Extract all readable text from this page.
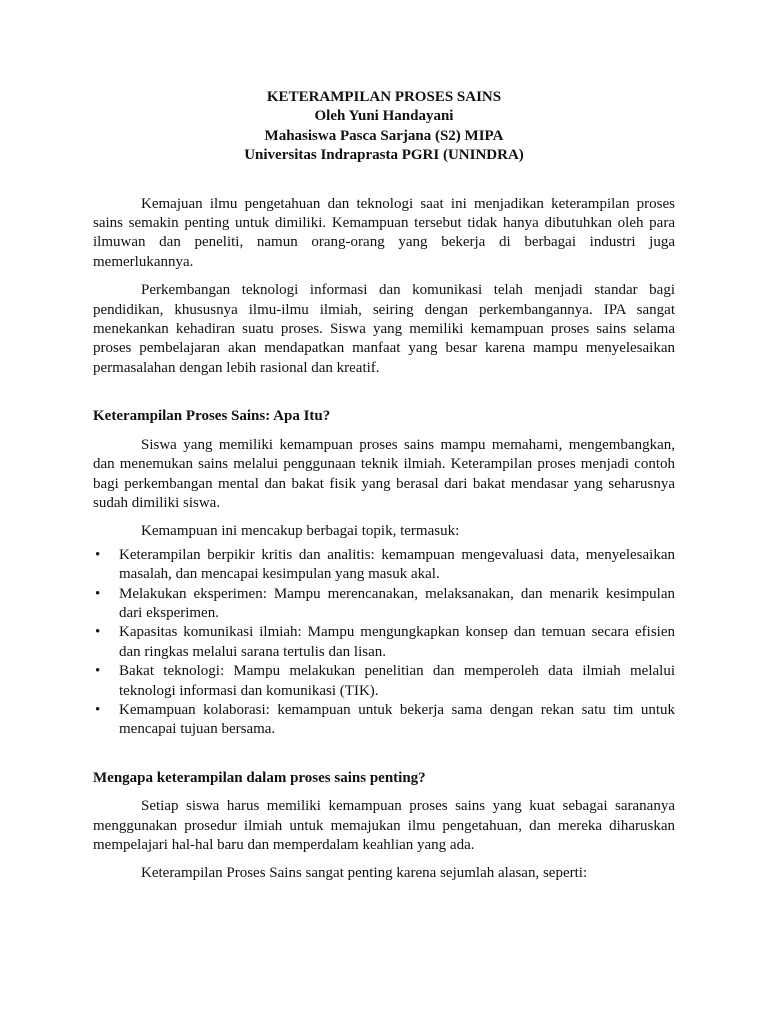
KETERAMPILAN PROSES SAINS
Oleh Yuni Handayani
Mahasiswa Pasca Sarjana (S2) MIPA
Universitas Indraprasta PGRI (UNINDRA)

Kemajuan ilmu pengetahuan dan teknologi saat ini menjadikan keterampilan proses sains semakin penting untuk dimiliki. Kemampuan tersebut tidak hanya dibutuhkan oleh para ilmuwan dan peneliti, namun orang-orang yang bekerja di berbagai industri juga memerlukannya.

Perkembangan teknologi informasi dan komunikasi telah menjadi standar bagi pendidikan, khususnya ilmu-ilmu ilmiah, seiring dengan perkembangannya. IPA sangat menekankan kehadiran suatu proses. Siswa yang memiliki kemampuan proses sains selama proses pembelajaran akan mendapatkan manfaat yang besar karena mampu menyelesaikan permasalahan dengan lebih rasional dan kreatif.

Keterampilan Proses Sains: Apa Itu?

Siswa yang memiliki kemampuan proses sains mampu memahami, mengembangkan, dan menemukan sains melalui penggunaan teknik ilmiah. Keterampilan proses menjadi contoh bagi perkembangan mental dan bakat fisik yang berasal dari bakat mendasar yang seharusnya sudah dimiliki siswa.

Kemampuan ini mencakup berbagai topik, termasuk:

• Keterampilan berpikir kritis dan analitis: kemampuan mengevaluasi data, menyelesaikan masalah, dan mencapai kesimpulan yang masuk akal.
• Melakukan eksperimen: Mampu merencanakan, melaksanakan, dan menarik kesimpulan dari eksperimen.
• Kapasitas komunikasi ilmiah: Mampu mengungkapkan konsep dan temuan secara efisien dan ringkas melalui sarana tertulis dan lisan.
• Bakat teknologi: Mampu melakukan penelitian dan memperoleh data ilmiah melalui teknologi informasi dan komunikasi (TIK).
• Kemampuan kolaborasi: kemampuan untuk bekerja sama dengan rekan satu tim untuk mencapai tujuan bersama.
Mengapa keterampilan dalam proses sains penting?

Setiap siswa harus memiliki kemampuan proses sains yang kuat sebagai sarananya menggunakan prosedur ilmiah untuk memajukan ilmu pengetahuan, dan mereka diharuskan mempelajari hal-hal baru dan memperdalam keahlian yang ada.

Keterampilan Proses Sains sangat penting karena sejumlah alasan, seperti:
